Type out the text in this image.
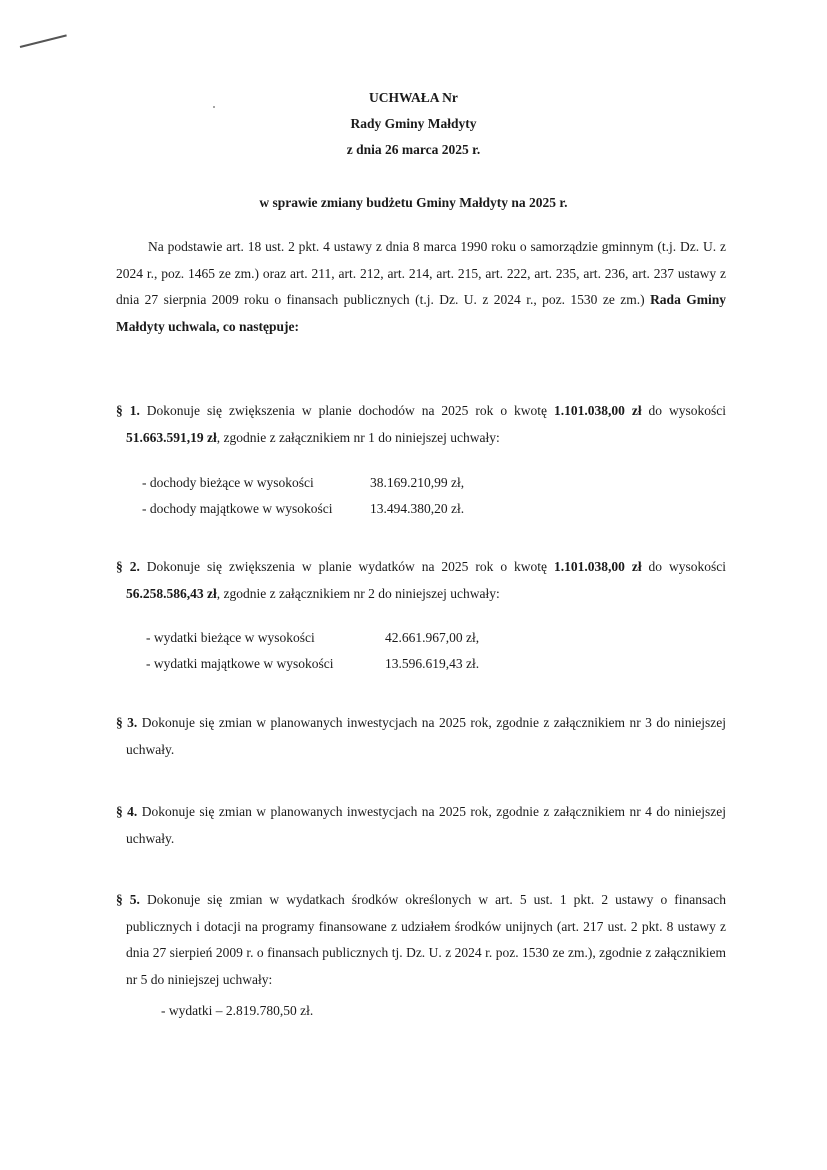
UCHWAŁA Nr
Rady Gminy Małdyty
z dnia 26 marca 2025 r.
w sprawie zmiany budżetu Gminy Małdyty na 2025 r.
Na podstawie art. 18 ust. 2 pkt. 4 ustawy z dnia 8 marca 1990 roku o samorządzie gminnym (t.j. Dz. U. z 2024 r., poz. 1465 ze zm.) oraz art. 211, art. 212, art. 214, art. 215, art. 222, art. 235, art. 236, art. 237 ustawy z dnia 27 sierpnia 2009 roku o finansach publicznych (t.j. Dz. U. z 2024 r., poz. 1530 ze zm.) Rada Gminy Małdyty uchwala, co następuje:
§ 1. Dokonuje się zwiększenia w planie dochodów na 2025 rok o kwotę 1.101.038,00 zł do wysokości 51.663.591,19 zł, zgodnie z załącznikiem nr 1 do niniejszej uchwały:
- dochody bieżące w wysokości	38.169.210,99 zł,
- dochody majątkowe w wysokości	13.494.380,20 zł.
§ 2. Dokonuje się zwiększenia w planie wydatków na 2025 rok o kwotę 1.101.038,00 zł do wysokości 56.258.586,43 zł, zgodnie z załącznikiem nr 2 do niniejszej uchwały:
- wydatki bieżące w wysokości	42.661.967,00 zł,
- wydatki majątkowe w wysokości	13.596.619,43 zł.
§ 3. Dokonuje się zmian w planowanych inwestycjach na 2025 rok, zgodnie z załącznikiem nr 3 do niniejszej uchwały.
§ 4. Dokonuje się zmian w planowanych inwestycjach na 2025 rok, zgodnie z załącznikiem nr 4 do niniejszej uchwały.
§ 5. Dokonuje się zmian w wydatkach środków określonych w art. 5 ust. 1 pkt. 2 ustawy o finansach publicznych i dotacji na programy finansowane z udziałem środków unijnych (art. 217 ust. 2 pkt. 8 ustawy z dnia 27 sierpień 2009 r. o finansach publicznych tj. Dz. U. z 2024 r. poz. 1530 ze zm.), zgodnie z załącznikiem nr 5 do niniejszej uchwały:
- wydatki – 2.819.780,50 zł.
